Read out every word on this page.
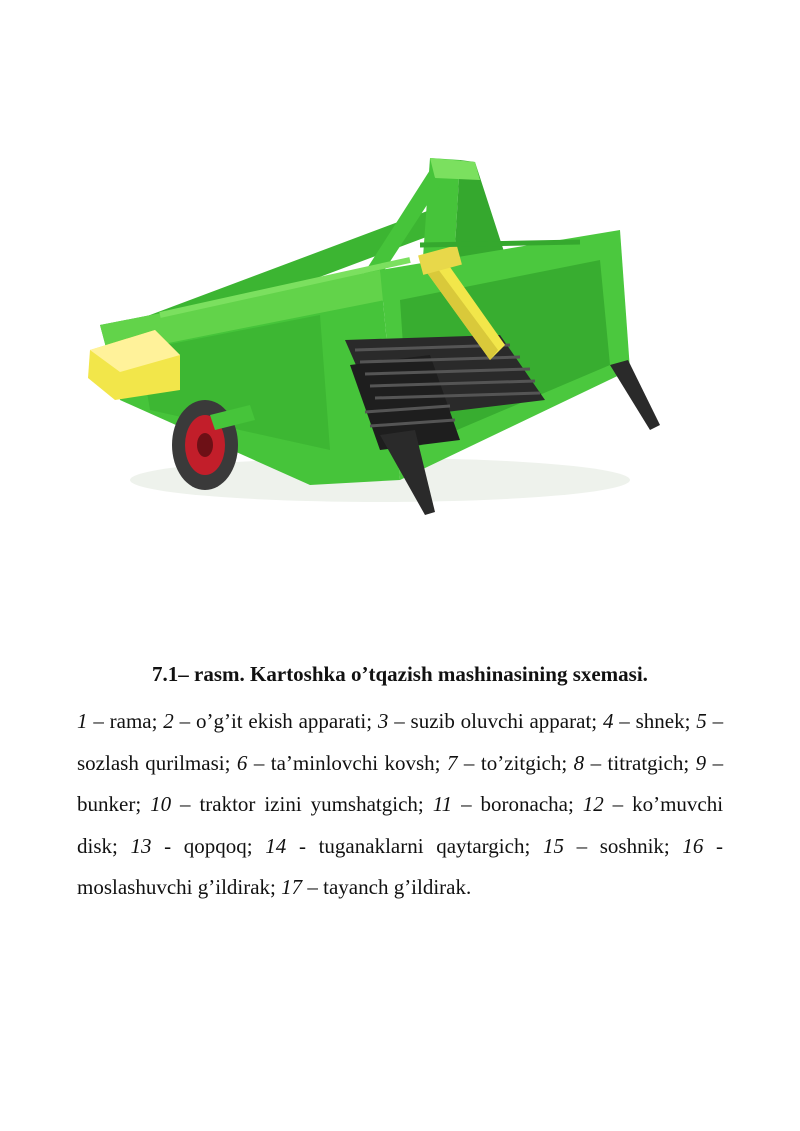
7.1– rasm. Kartoshka o’tqazish mashinasining sxemasi.

1 – rama; 2 – o’g’it ekish apparati; 3 – suzib oluvchi apparat; 4 – shnek; 5 – sozlash qurilmasi; 6 – ta’minlovchi kovsh; 7 – to’zitgich; 8 – titratgich; 9 – bunker; 10 – traktor izini yumshatgich; 11 – boronacha; 12 – ko’muvchi disk; 13 - qopqoq; 14 - tuganaklarni qaytargich; 15 – soshnik; 16 - moslashuvchi g’ildirak; 17 – tayanch g’ildirak.
